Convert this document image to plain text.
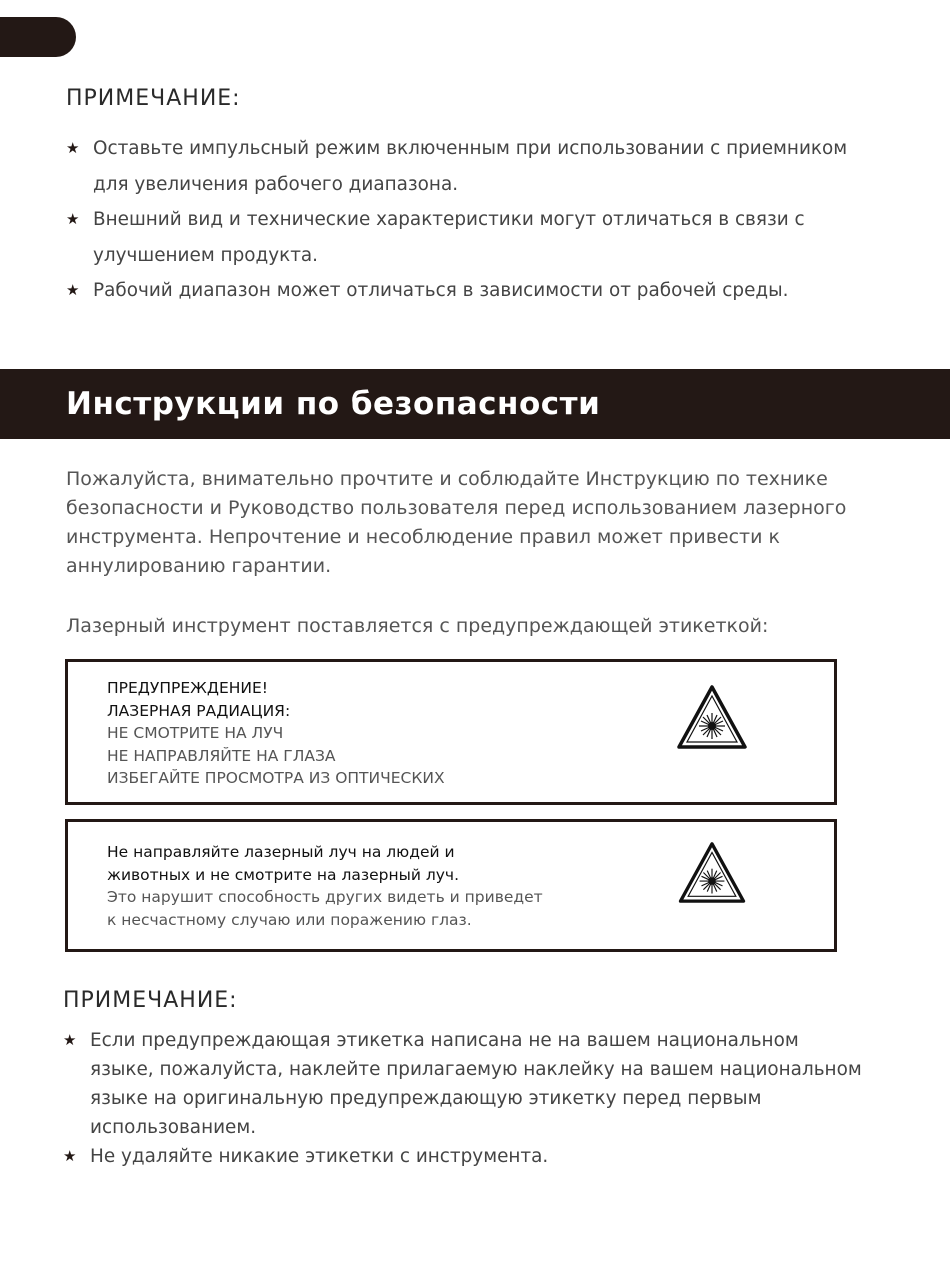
ПРИМЕЧАНИЕ:
★ Оставьте импульсный режим включенным при использовании с приемником
для увеличения рабочего диапазона.
★ Внешний вид и технические характеристики могут отличаться в связи с
улучшением продукта.
★ Рабочий диапазон может отличаться в зависимости от рабочей среды.
Инструкции по безопасности

Пожалуйста, внимательно прочтите и соблюдайте Инструкцию по технике
безопасности и Руководство пользователя перед использованием лазерного
инструмента. Непрочтение и несоблюдение правил может привести к
аннулированию гарантии.

Лазерный инструмент поставляется с предупреждающей этикеткой:

ПРЕДУПРЕЖДЕНИЕ!
ЛАЗЕРНАЯ РАДИАЦИЯ:
НЕ СМОТРИТЕ НА ЛУЧ
НЕ НАПРАВЛЯЙТЕ НА ГЛАЗА
ИЗБЕГАЙТЕ ПРОСМОТРА ИЗ ОПТИЧЕСКИХ
Не направляйте лазерный луч на людей и
животных и не смотрите на лазерный луч.
Это нарушит способность других видеть и приведет
к несчастному случаю или поражению глаз.
ПРИМЕЧАНИЕ:
★ Если предупреждающая этикетка написана не на вашем национальном
языке, пожалуйста, наклейте прилагаемую наклейку на вашем национальном
языке на оригинальную предупреждающую этикетку перед первым
использованием.
★ Не удаляйте никакие этикетки с инструмента.
